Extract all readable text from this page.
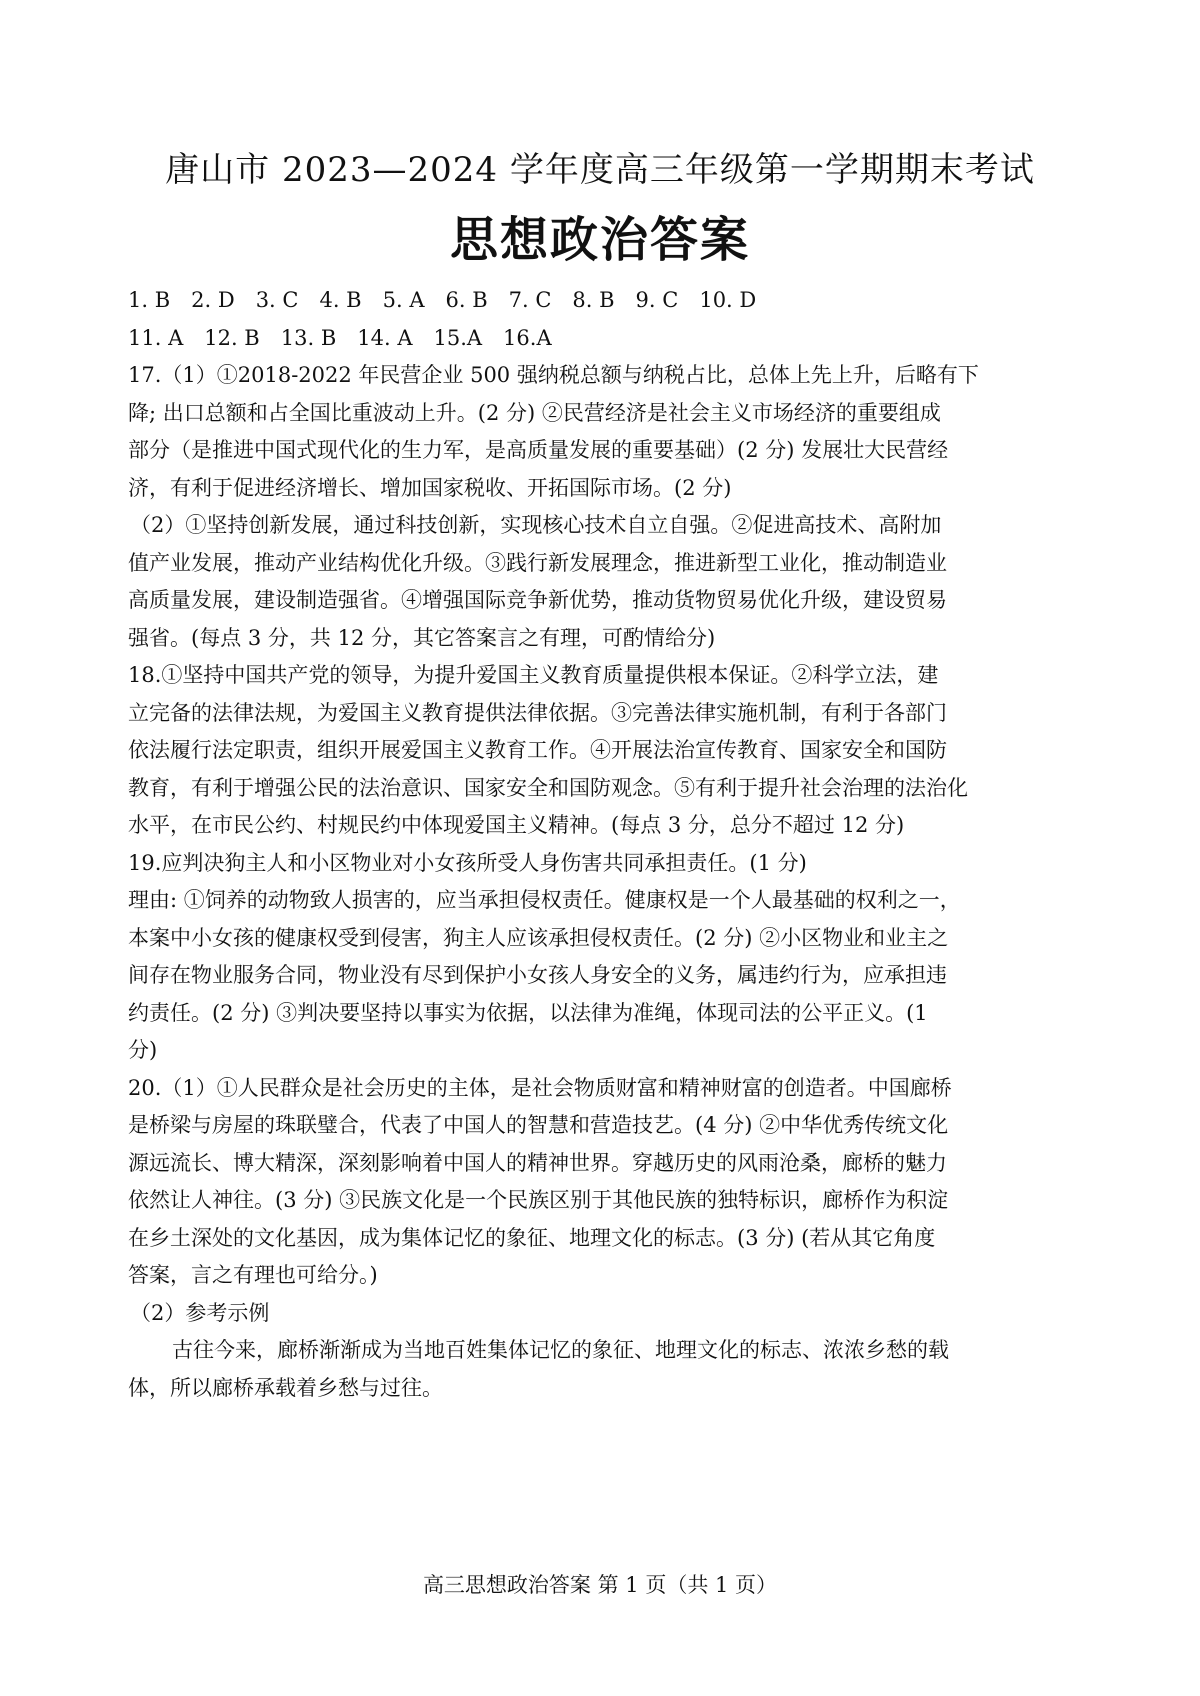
唐山市 2023—2024 学年度高三年级第一学期期末考试
思想政治答案
1. B　2. D　3. C　4. B　5. A　6. B　7. C　8. B　9. C　10. D
11. A　12. B　13. B　14. A　15.A　16.A
17.（1）①2018-2022 年民营企业 500 强纳税总额与纳税占比，总体上先上升，后略有下
降; 出口总额和占全国比重波动上升。(2 分) ②民营经济是社会主义市场经济的重要组成
部分（是推进中国式现代化的生力军，是高质量发展的重要基础）(2 分) 发展壮大民营经
济，有利于促进经济增长、增加国家税收、开拓国际市场。(2 分)
（2）①坚持创新发展，通过科技创新，实现核心技术自立自强。②促进高技术、高附加
值产业发展，推动产业结构优化升级。③践行新发展理念，推进新型工业化，推动制造业
高质量发展，建设制造强省。④增强国际竞争新优势，推动货物贸易优化升级，建设贸易
强省。(每点 3 分，共 12 分，其它答案言之有理，可酌情给分)
18.①坚持中国共产党的领导，为提升爱国主义教育质量提供根本保证。②科学立法，建
立完备的法律法规，为爱国主义教育提供法律依据。③完善法律实施机制，有利于各部门
依法履行法定职责，组织开展爱国主义教育工作。④开展法治宣传教育、国家安全和国防
教育，有利于增强公民的法治意识、国家安全和国防观念。⑤有利于提升社会治理的法治化
水平，在市民公约、村规民约中体现爱国主义精神。(每点 3 分，总分不超过 12 分)
19.应判决狗主人和小区物业对小女孩所受人身伤害共同承担责任。(1 分)
理由: ①饲养的动物致人损害的，应当承担侵权责任。健康权是一个人最基础的权利之一，
本案中小女孩的健康权受到侵害，狗主人应该承担侵权责任。(2 分) ②小区物业和业主之
间存在物业服务合同，物业没有尽到保护小女孩人身安全的义务，属违约行为，应承担违
约责任。(2 分) ③判决要坚持以事实为依据，以法律为准绳，体现司法的公平正义。(1
分)
20.（1）①人民群众是社会历史的主体，是社会物质财富和精神财富的创造者。中国廊桥
是桥梁与房屋的珠联璧合，代表了中国人的智慧和营造技艺。(4 分) ②中华优秀传统文化
源远流长、博大精深，深刻影响着中国人的精神世界。穿越历史的风雨沧桑，廊桥的魅力
依然让人神往。(3 分) ③民族文化是一个民族区别于其他民族的独特标识，廊桥作为积淀
在乡土深处的文化基因，成为集体记忆的象征、地理文化的标志。(3 分) (若从其它角度
答案，言之有理也可给分。)
（2）参考示例
古往今来，廊桥渐渐成为当地百姓集体记忆的象征、地理文化的标志、浓浓乡愁的载
体，所以廊桥承载着乡愁与过往。
高三思想政治答案 第 1 页（共 1 页）
